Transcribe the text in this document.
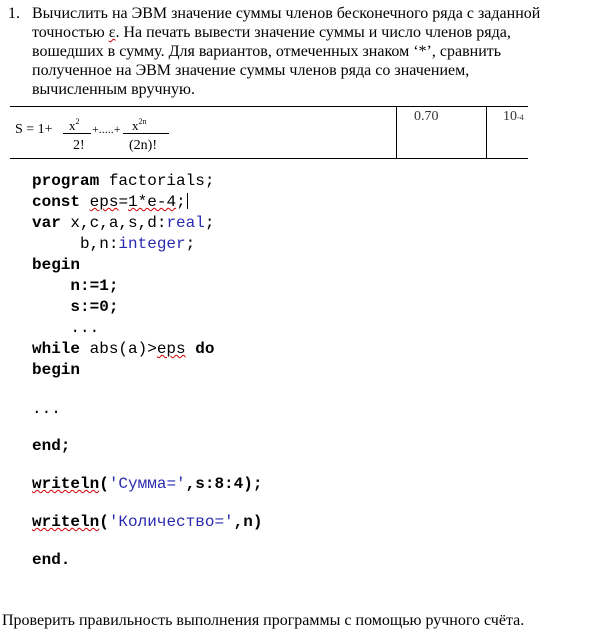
1. Вычислить на ЭВМ значение суммы членов бесконечного ряда с заданной
точностью ε. На печать вывести значение суммы и число членов ряда,
вошедших в сумму. Для вариантов, отмеченных знаком ‘*’, сравнить
полученное на ЭВМ значение суммы членов ряда со значением,
вычисленным вручную.
$S = 1+ x^2$
2!
+.....+ $x^{2n}$
(2n)!
0.70	10-4
program factorials;
const eps=1*e-4;
var x,c,a,s,d:real;
b,n:integer;
begin
n:=1;
s:=0;
...
while abs(a)>eps do
begin
...
end;
writeln('Сумма=',s:8:4);
writeln('Количество=',n)
end.
Проверить правильность выполнения программы с помощью ручного счёта.
